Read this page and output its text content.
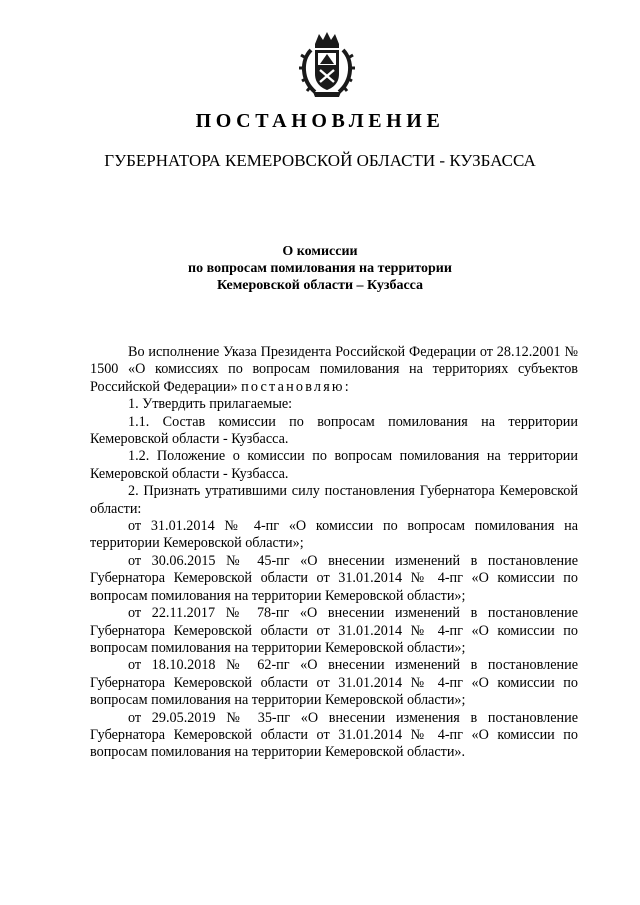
ПОСТАНОВЛЕНИЕ
ГУБЕРНАТОРА КЕМЕРОВСКОЙ ОБЛАСТИ - КУЗБАССА
О комиссии
по вопросам помилования на территории
Кемеровской области – Кузбасса

Во исполнение Указа Президента Российской Федерации от 28.12.2001 № 1500 «О комиссиях по вопросам помилования на территориях субъектов Российской Федерации» постановляю:

1. Утвердить прилагаемые:

1.1. Состав комиссии по вопросам помилования на территории Кемеровской области - Кузбасса.

1.2. Положение о комиссии по вопросам помилования на территории Кемеровской области - Кузбасса.

2. Признать утратившими силу постановления Губернатора Кемеровской области:

от 31.01.2014 № 4-пг «О комиссии по вопросам помилования на территории Кемеровской области»;

от 30.06.2015 № 45-пг «О внесении изменений в постановление Губернатора Кемеровской области от 31.01.2014 № 4-пг «О комиссии по вопросам помилования на территории Кемеровской области»;

от 22.11.2017 № 78-пг «О внесении изменений в постановление Губернатора Кемеровской области от 31.01.2014 № 4-пг «О комиссии по вопросам помилования на территории Кемеровской области»;

от 18.10.2018 № 62-пг «О внесении изменений в постановление Губернатора Кемеровской области от 31.01.2014 № 4-пг «О комиссии по вопросам помилования на территории Кемеровской области»;

от 29.05.2019 № 35-пг «О внесении изменения в постановление Губернатора Кемеровской области от 31.01.2014 № 4-пг «О комиссии по вопросам помилования на территории Кемеровской области».
